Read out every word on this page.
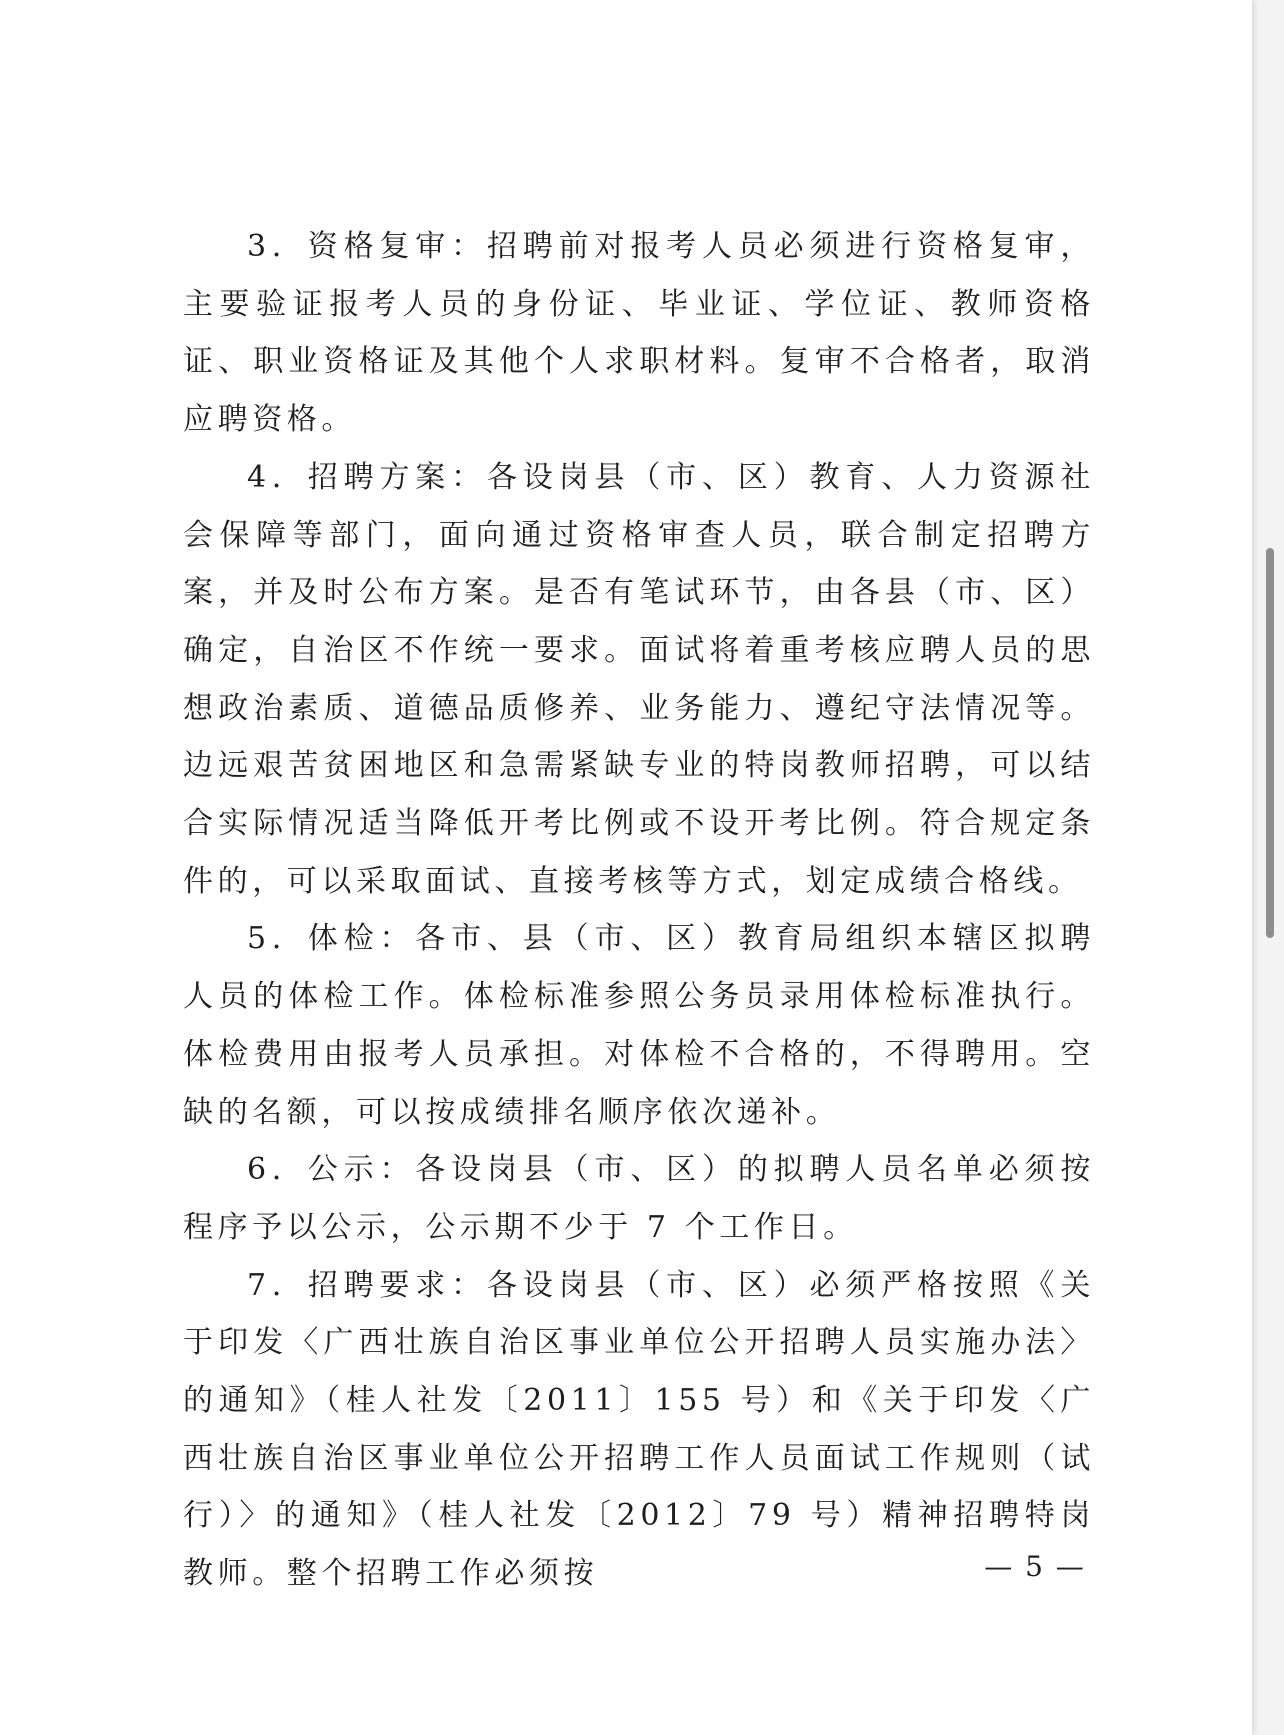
3．资格复审：招聘前对报考人员必须进行资格复审，主要验证报考人员的身份证、毕业证、学位证、教师资格证、职业资格证及其他个人求职材料。复审不合格者，取消应聘资格。

4．招聘方案：各设岗县（市、区）教育、人力资源社会保障等部门，面向通过资格审查人员，联合制定招聘方案，并及时公布方案。是否有笔试环节，由各县（市、区）确定，自治区不作统一要求。面试将着重考核应聘人员的思想政治素质、道德品质修养、业务能力、遵纪守法情况等。边远艰苦贫困地区和急需紧缺专业的特岗教师招聘，可以结合实际情况适当降低开考比例或不设开考比例。符合规定条件的，可以采取面试、直接考核等方式，划定成绩合格线。

5．体检：各市、县（市、区）教育局组织本辖区拟聘人员的体检工作。体检标准参照公务员录用体检标准执行。体检费用由报考人员承担。对体检不合格的，不得聘用。空缺的名额，可以按成绩排名顺序依次递补。

6．公示：各设岗县（市、区）的拟聘人员名单必须按程序予以公示，公示期不少于 7 个工作日。

7．招聘要求：各设岗县（市、区）必须严格按照《关于印发〈广西壮族自治区事业单位公开招聘人员实施办法〉的通知》（桂人社发〔2011〕155 号）和《关于印发〈广西壮族自治区事业单位公开招聘工作人员面试工作规则（试行）〉的通知》（桂人社发〔2012〕79 号）精神招聘特岗教师。整个招聘工作必须按	— 5 —
